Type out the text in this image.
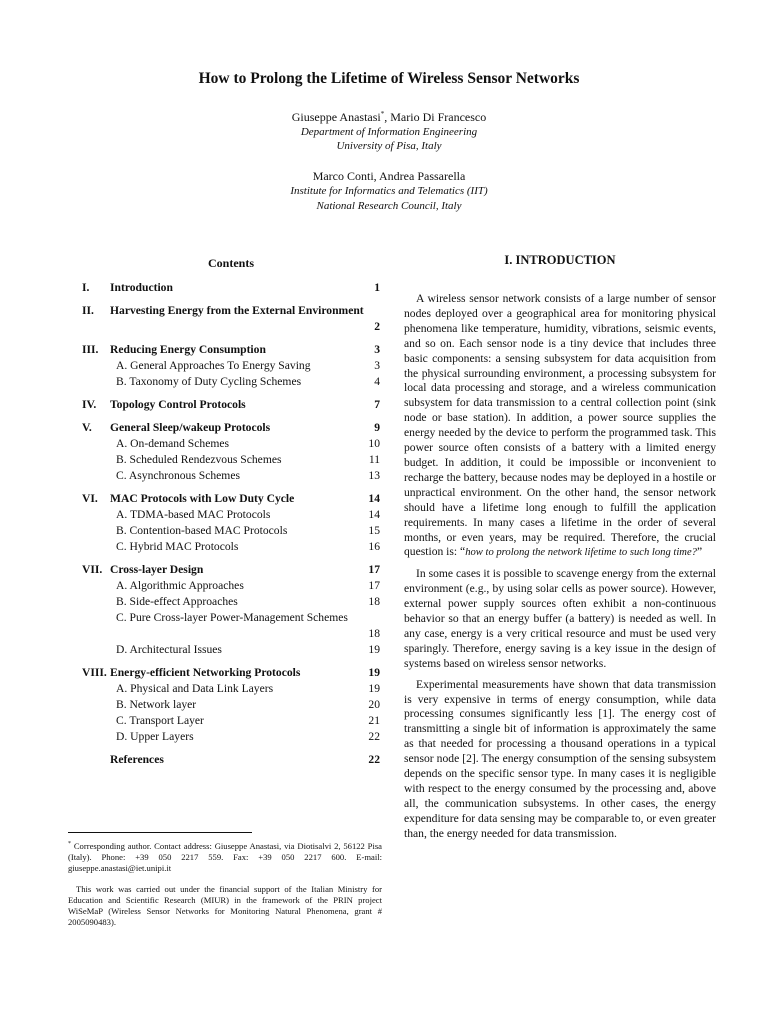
How to Prolong the Lifetime of Wireless Sensor Networks
Giuseppe Anastasi*, Mario Di Francesco
Department of Information Engineering
University of Pisa, Italy
Marco Conti, Andrea Passarella
Institute for Informatics and Telematics (IIT)
National Research Council, Italy
Contents
I. Introduction	1
II. Harvesting Energy from the External Environment
2
III. Reducing Energy Consumption	3
A. General Approaches To Energy Saving	3
B. Taxonomy of Duty Cycling Schemes	4
IV. Topology Control Protocols	7
V. General Sleep/wakeup Protocols	9
A. On-demand Schemes	10
B. Scheduled Rendezvous Schemes	11
C. Asynchronous Schemes	13
VI. MAC Protocols with Low Duty Cycle	14
A. TDMA-based MAC Protocols	14
B. Contention-based MAC Protocols	15
C. Hybrid MAC Protocols	16
VII. Cross-layer Design	17
A. Algorithmic Approaches	17
B. Side-effect Approaches	18
C. Pure Cross-layer Power-Management Schemes
18
D. Architectural Issues	19
VIII. Energy-efficient Networking Protocols	19
A. Physical and Data Link Layers	19
B. Network layer	20
C. Transport Layer	21
D. Upper Layers	22
References	22
* Corresponding author. Contact address: Giuseppe Anastasi, via Diotisalvi 2, 56122 Pisa (Italy). Phone: +39 050 2217 559. Fax: +39 050 2217 600. E-mail: giuseppe.anastasi@iet.unipi.it
This work was carried out under the financial support of the Italian Ministry for Education and Scientific Research (MIUR) in the framework of the PRIN project WiSeMaP (Wireless Sensor Networks for Monitoring Natural Phenomena, grant # 2005090483).
I. INTRODUCTION

A wireless sensor network consists of a large number of sensor nodes deployed over a geographical area for monitoring physical phenomena like temperature, humidity, vibrations, seismic events, and so on. Each sensor node is a tiny device that includes three basic components: a sensing subsystem for data acquisition from the physical surrounding environment, a processing subsystem for local data processing and storage, and a wireless communication subsystem for data transmission to a central collection point (sink node or base station). In addition, a power source supplies the energy needed by the device to perform the programmed task. This power source often consists of a battery with a limited energy budget. In addition, it could be impossible or inconvenient to recharge the battery, because nodes may be deployed in a hostile or unpractical environment. On the other hand, the sensor network should have a lifetime long enough to fulfill the application requirements. In many cases a lifetime in the order of several months, or even years, may be required. Therefore, the crucial question is: “how to prolong the network lifetime to such long time?”

In some cases it is possible to scavenge energy from the external environment (e.g., by using solar cells as power source). However, external power supply sources often exhibit a non-continuous behavior so that an energy buffer (a battery) is needed as well. In any case, energy is a very critical resource and must be used very sparingly. Therefore, energy saving is a key issue in the design of systems based on wireless sensor networks.

Experimental measurements have shown that data transmission is very expensive in terms of energy consumption, while data processing consumes significantly less [1]. The energy cost of transmitting a single bit of information is approximately the same as that needed for processing a thousand operations in a typical sensor node [2]. The energy consumption of the sensing subsystem depends on the specific sensor type. In many cases it is negligible with respect to the energy consumed by the processing and, above all, the communication subsystems. In other cases, the energy expenditure for data sensing may be comparable to, or even greater than, the energy needed for data transmission.
